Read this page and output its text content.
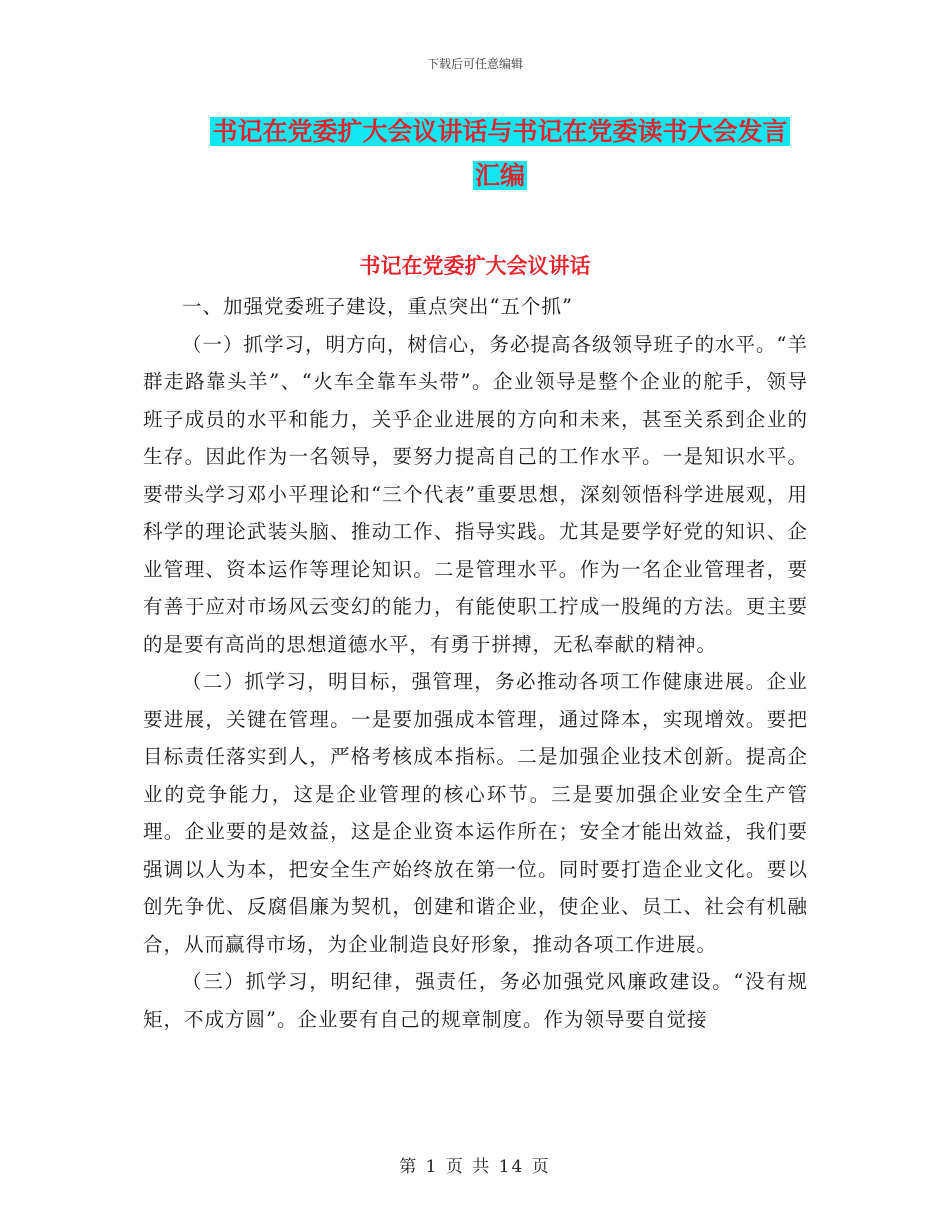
下载后可任意编辑
书记在党委扩大会议讲话与书记在党委读书大会发言
汇编
书记在党委扩大会议讲话

一、加强党委班子建设，重点突出“五个抓”

（一）抓学习，明方向，树信心，务必提高各级领导班子的水平。“羊群走路靠头羊”、“火车全靠车头带”。企业领导是整个企业的舵手，领导班子成员的水平和能力，关乎企业进展的方向和未来，甚至关系到企业的生存。因此作为一名领导，要努力提高自己的工作水平。一是知识水平。要带头学习邓小平理论和“三个代表”重要思想，深刻领悟科学进展观，用科学的理论武装头脑、推动工作、指导实践。尤其是要学好党的知识、企业管理、资本运作等理论知识。二是管理水平。作为一名企业管理者，要有善于应对市场风云变幻的能力，有能使职工拧成一股绳的方法。更主要的是要有高尚的思想道德水平，有勇于拼搏，无私奉献的精神。

（二）抓学习，明目标，强管理，务必推动各项工作健康进展。企业要进展，关键在管理。一是要加强成本管理，通过降本，实现增效。要把目标责任落实到人，严格考核成本指标。二是加强企业技术创新。提高企业的竞争能力，这是企业管理的核心环节。三是要加强企业安全生产管理。企业要的是效益，这是企业资本运作所在；安全才能出效益，我们要强调以人为本，把安全生产始终放在第一位。同时要打造企业文化。要以创先争优、反腐倡廉为契机，创建和谐企业，使企业、员工、社会有机融合，从而赢得市场，为企业制造良好形象，推动各项工作进展。

（三）抓学习，明纪律，强责任，务必加强党风廉政建设。“没有规矩，不成方圆”。企业要有自己的规章制度。作为领导要自觉接

第 1 页 共 14 页
